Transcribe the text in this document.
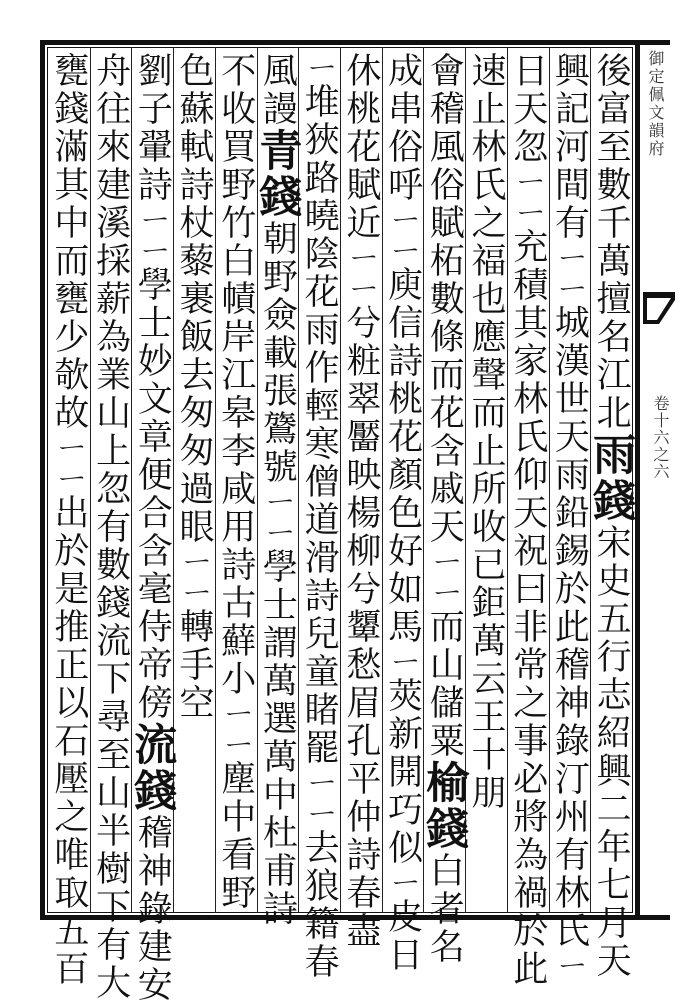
御定佩文韻府
卷十六之六
後富至數千萬擅名江北雨錢宋史五行志紹興二年七月天
興記河間有ㄧㄧ城漢世天雨鉛錫於此稽神錄汀州有林氏ㄧ
日天忽ㄧㄧ充積其家林氏仰天祝曰非常之事必將為禍於此
速止林氏之福也應聲而止所收已鉅萬云王十朋
會稽風俗賦柘數條而花含戚天ㄧㄧ而山儲粟榆錢白者名
成串俗呼ㄧㄧ庾信詩桃花顏色好如馬ㄧ莢新開巧似ㄧ皮日
休桃花賦近ㄧㄧ兮粧翠靨映楊柳兮顰愁眉孔平仲詩春盡
ㄧ堆狹路曉陰花雨作輕寒僧道滑詩兒童睹罷ㄧㄧ去狼籍春
風謾青錢朝野僉載張鷟號ㄧㄧ學士謂萬選萬中杜甫詩
不收買野竹白幘岸江皋李咸用詩古蘚小ㄧㄧ塵中看野
色蘇軾詩杖藜裹飯去匆匆過眼ㄧㄧ轉手空
劉子翬詩ㄧㄧ學士妙文章便合含毫侍帝傍流錢稽神錄建安
舟往來建溪採薪為業山上忽有數錢流下尋至山半樹下有大
甕錢滿其中而甕少欹故ㄧㄧ出於是推正以石壓之唯取五百
